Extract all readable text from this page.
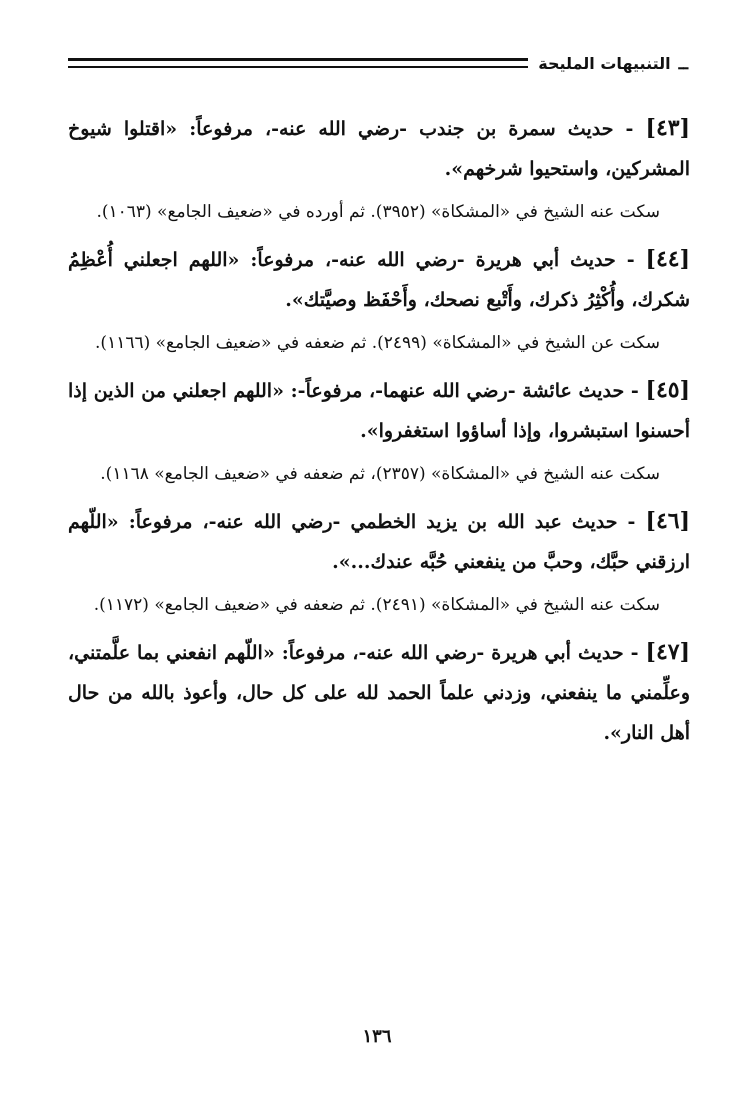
التنبيهات المليحة ــ

[٤٣] - حديث سمرة بن جندب -رضي الله عنه-، مرفوعاً: «اقتلوا شيوخ المشركين، واستحيوا شرخهم».

سكت عنه الشيخ في «المشكاة» (٣٩٥٢). ثم أورده في «ضعيف الجامع» (١٠٦٣).

[٤٤] - حديث أبي هريرة -رضي الله عنه-، مرفوعاً: «اللهم اجعلني أُعْظِمُ شكرك، وأُكْثِرُ ذكرك، وأَتْبع نصحك، وأَحْفَظ وصيَّتك».

سكت عن الشيخ في «المشكاة» (٢٤٩٩). ثم ضعفه في «ضعيف الجامع» (١١٦٦).

[٤٥] - حديث عائشة -رضي الله عنهما-، مرفوعاً-: «اللهم اجعلني من الذين إذا أحسنوا استبشروا، وإذا أساؤوا استغفروا».

سكت عنه الشيخ في «المشكاة» (٢٣٥٧)، ثم ضعفه في «ضعيف الجامع» ١١٦٨).

[٤٦] - حديث عبد الله بن يزيد الخطمي -رضي الله عنه-، مرفوعاً: «اللّهم ارزقني حبَّك، وحبَّ من ينفعني حُبَّه عندك...».

سكت عنه الشيخ في «المشكاة» (٢٤٩١). ثم ضعفه في «ضعيف الجامع» (١١٧٢).

[٤٧] - حديث أبي هريرة -رضي الله عنه-، مرفوعاً: «اللّهم انفعني بما علَّمتني، وعلِّمني ما ينفعني، وزدني علماً الحمد لله على كل حال، وأعوذ بالله من حال أهل النار».

١٣٦
